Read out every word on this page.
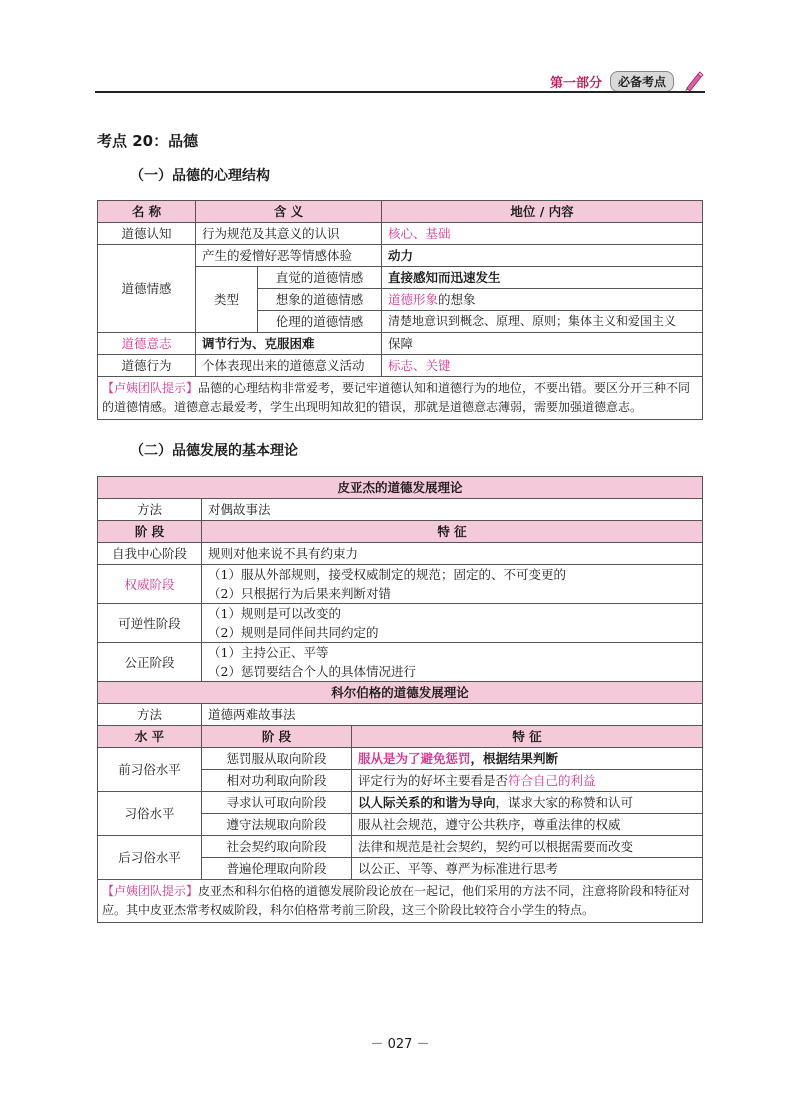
第一部分	必备考点
考点 20：品德
（一）品德的心理结构
名 称	含 义		地位 / 内容
道德认知	行为规范及其意义的认识		核心、基础
道德情感	产生的爱憎好恶等情感体验		动力
	类型	直觉的道德情感	直接感知而迅速发生
		想象的道德情感	道德形象的想象
		伦理的道德情感	清楚地意识到概念、原理、原则；集体主义和爱国主义
道德意志	调节行为、克服困难		保障
道德行为	个体表现出来的道德意义活动		标志、关键
【卢姨团队提示】品德的心理结构非常爱考，要记牢道德认知和道德行为的地位，不要出错。要区分开三种不同的道德情感。道德意志最爱考，学生出现明知故犯的错误，那就是道德意志薄弱，需要加强道德意志。			
（二）品德发展的基本理论
皮亚杰的道德发展理论		
方法	对偶故事法	
阶 段	特 征	
自我中心阶段	规则对他来说不具有约束力	
权威阶段	（1）服从外部规则，接受权威制定的规范；固定的、不可变更的
（2）只根据行为后果来判断对错	

可逆性阶段	（1）规则是可以改变的
（2）规则是同伴间共同约定的	

公正阶段	（1）主持公正、平等
（2）惩罚要结合个人的具体情况进行	

科尔伯格的道德发展理论		
方法	道德两难故事法	
水 平	阶 段	特 征
前习俗水平	惩罚服从取向阶段	服从是为了避免惩罚，根据结果判断
	相对功利取向阶段	评定行为的好坏主要看是否符合自己的利益
习俗水平	寻求认可取向阶段	以人际关系的和谐为导向，谋求大家的称赞和认可
	遵守法规取向阶段	服从社会规范，遵守公共秩序，尊重法律的权威
后习俗水平	社会契约取向阶段	法律和规范是社会契约，契约可以根据需要而改变
	普遍伦理取向阶段	以公正、平等、尊严为标准进行思考
【卢姨团队提示】皮亚杰和科尔伯格的道德发展阶段论放在一起记，他们采用的方法不同，注意将阶段和特征对应。其中皮亚杰常考权威阶段，科尔伯格常考前三阶段，这三个阶段比较符合小学生的特点。		
－ 027 －
